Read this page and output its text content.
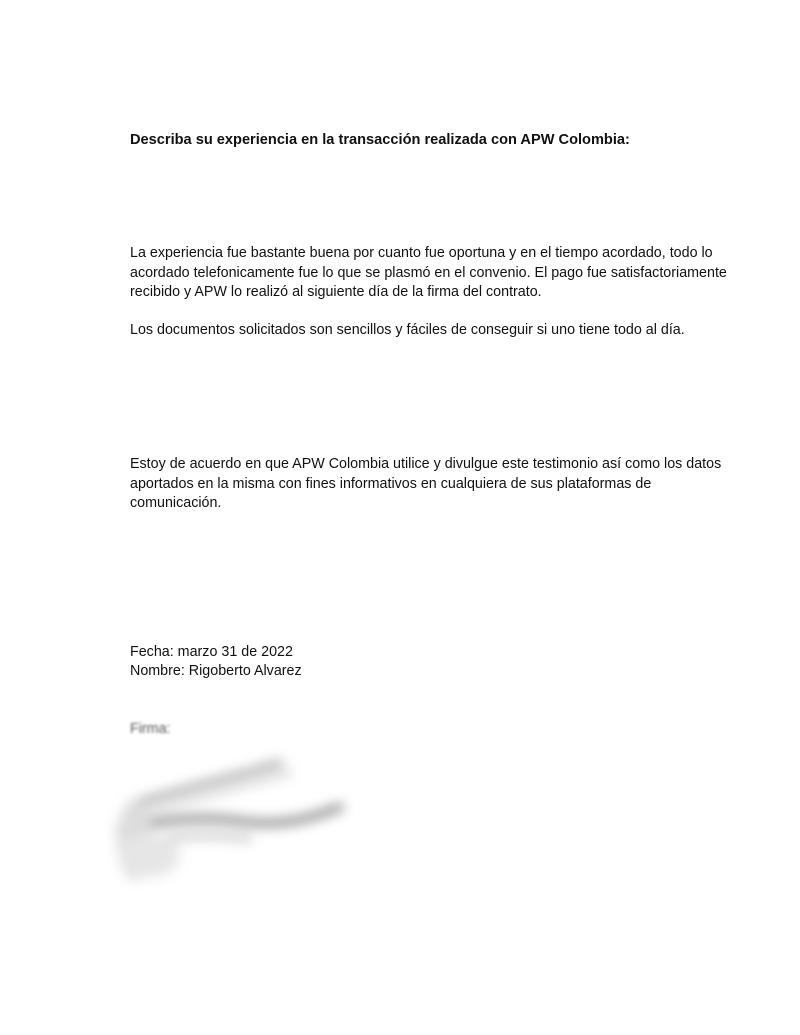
Describa su experiencia en la transacción realizada con APW Colombia:

La experiencia fue bastante buena por cuanto fue oportuna y en el tiempo acordado, todo lo acordado telefonicamente fue lo que se plasmó en el convenio. El pago fue satisfactoriamente recibido y APW lo realizó al siguiente día de la firma del contrato.

Los documentos solicitados son sencillos y fáciles de conseguir si uno tiene todo al día.

Estoy de acuerdo en que APW Colombia utilice y divulgue este testimonio así como los datos aportados en la misma con fines informativos en cualquiera de sus plataformas de comunicación.

Fecha: marzo 31 de 2022
Nombre: Rigoberto Alvarez
Firma:
